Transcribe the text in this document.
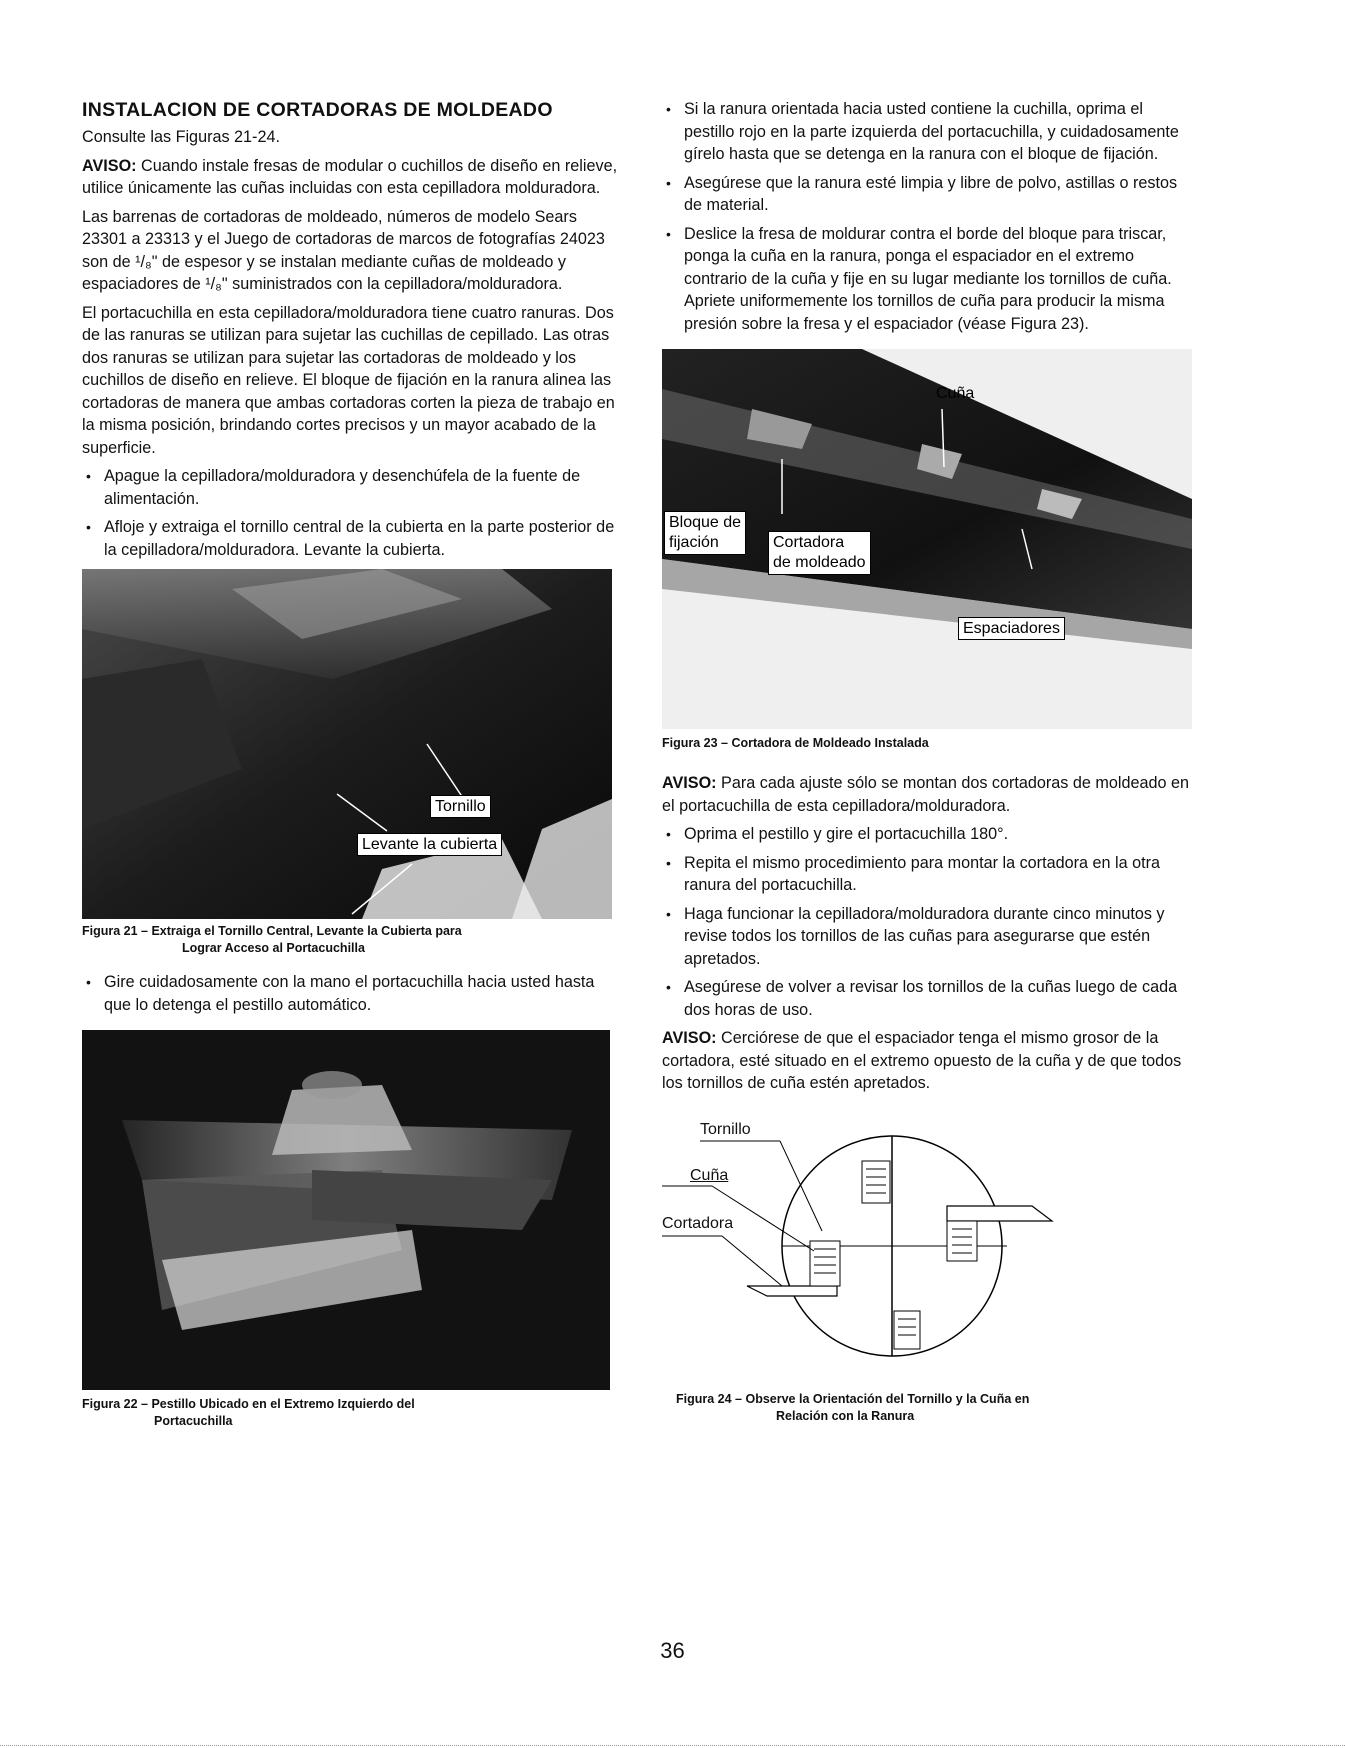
INSTALACION DE CORTADORAS DE MOLDEADO

Consulte las Figuras 21-24.

AVISO: Cuando instale fresas de modular o cuchillos de diseño en relieve, utilice únicamente las cuñas incluidas con esta cepilladora molduradora.

Las barrenas de cortadoras de moldeado, números de modelo Sears 23301 a 23313 y el Juego de cortadoras de marcos de fotografías 24023 son de ¹/₈" de espesor y se instalan mediante cuñas de moldeado y espaciadores de ¹/₈" suministrados con la cepilladora/molduradora.

El portacuchilla en esta cepilladora/molduradora tiene cuatro ranuras. Dos de las ranuras se utilizan para sujetar las cuchillas de cepillado. Las otras dos ranuras se utilizan para sujetar las cortadoras de moldeado y los cuchillos de diseño en relieve. El bloque de fijación en la ranura alinea las cortadoras de manera que ambas cortadoras corten la pieza de trabajo en la misma posición, brindando cortes precisos y un mayor acabado de la superficie.

• Apague la cepilladora/molduradora y desenchúfela de la fuente de alimentación.
• Afloje y extraiga el tornillo central de la cubierta en la parte posterior de la cepilladora/molduradora. Levante la cubierta.
Tornillo
Levante la cubierta
Figura 21 – Extraiga el Tornillo Central, Levante la Cubierta para
Lograr Acceso al Portacuchilla
• Gire cuidadosamente con la mano el portacuchilla hacia usted hasta que lo detenga el pestillo automático.
Figura 22 – Pestillo Ubicado en el Extremo Izquierdo del
Portacuchilla
• Si la ranura orientada hacia usted contiene la cuchilla, oprima el pestillo rojo en la parte izquierda del portacuchilla, y cuidadosamente gírelo hasta que se detenga en la ranura con el bloque de fijación.
• Asegúrese que la ranura esté limpia y libre de polvo, astillas o restos de material.
• Deslice la fresa de moldurar contra el borde del bloque para triscar, ponga la cuña en la ranura, ponga el espaciador en el extremo contrario de la cuña y fije en su lugar mediante los tornillos de cuña. Apriete uniformemente los tornillos de cuña para producir la misma presión sobre la fresa y el espaciador (véase Figura 23).
Cuña
Bloque de
fijación	Cortadora
de moldeado
Espaciadores
Figura 23 – Cortadora de Moldeado Instalada

AVISO: Para cada ajuste sólo se montan dos cortadoras de moldeado en el portacuchilla de esta cepilladora/molduradora.

• Oprima el pestillo y gire el portacuchilla 180°.
• Repita el mismo procedimiento para montar la cortadora en la otra ranura del portacuchilla.
• Haga funcionar la cepilladora/molduradora durante cinco minutos y revise todos los tornillos de las cuñas para asegurarse que estén apretados.
• Asegúrese de volver a revisar los tornillos de la cuñas luego de cada dos horas de uso.

AVISO: Cerciórese de que el espaciador tenga el mismo grosor de la cortadora, esté situado en el extremo opuesto de la cuña y de que todos los tornillos de cuña estén apretados.

Tornillo
Cuña
Cortadora
Figura 24 – Observe la Orientación del Tornillo y la Cuña en
Relación con la Ranura
36
